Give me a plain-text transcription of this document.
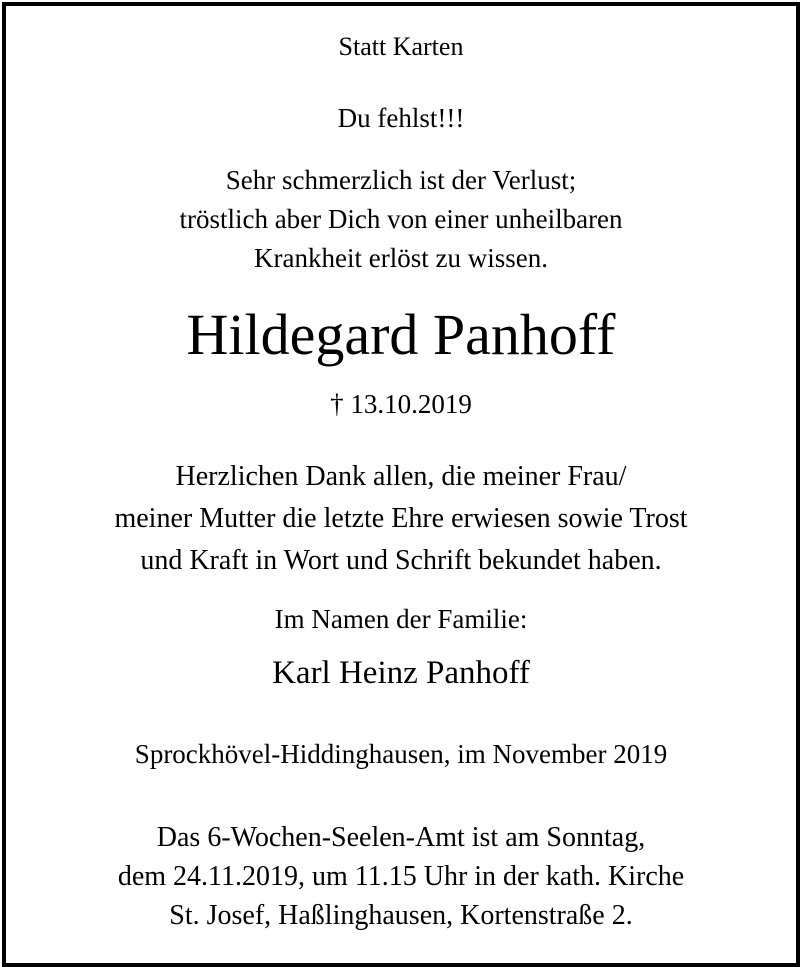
Statt Karten
Du fehlst!!!
Sehr schmerzlich ist der Verlust;
tröstlich aber Dich von einer unheilbaren
Krankheit erlöst zu wissen.
Hildegard Panhoff
† 13.10.2019
Herzlichen Dank allen, die meiner Frau/
meiner Mutter die letzte Ehre erwiesen sowie Trost
und Kraft in Wort und Schrift bekundet haben.
Im Namen der Familie:
Karl Heinz Panhoff
Sprockhövel-Hiddinghausen, im November 2019
Das 6-Wochen-Seelen-Amt ist am Sonntag,
dem 24.11.2019, um 11.15 Uhr in der kath. Kirche
St. Josef, Haßlinghausen, Kortenstraße 2.
